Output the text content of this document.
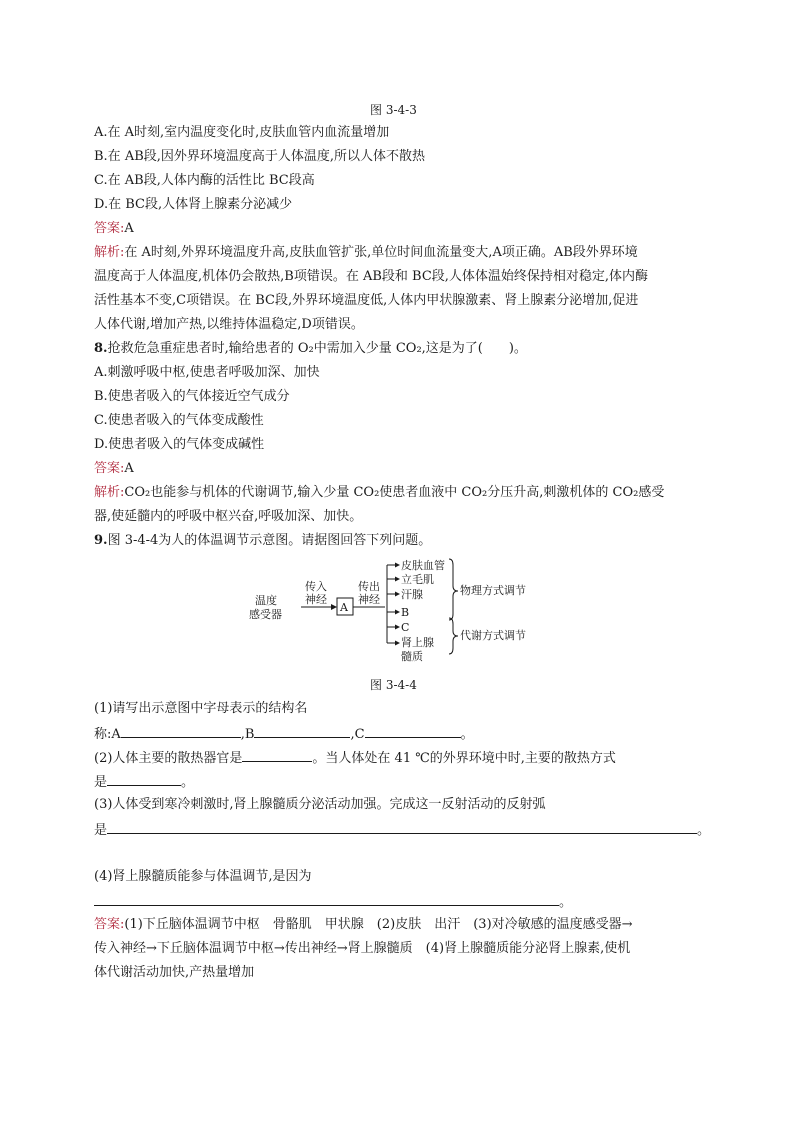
图 3-4-3
A.在 A时刻,室内温度变化时,皮肤血管内血流量增加
B.在 AB段,因外界环境温度高于人体温度,所以人体不散热
C.在 AB段,人体内酶的活性比 BC段高
D.在 BC段,人体肾上腺素分泌减少
答案:A
解析:在 A时刻,外界环境温度升高,皮肤血管扩张,单位时间血流量变大,A项正确。AB段外界环境
温度高于人体温度,机体仍会散热,B项错误。在 AB段和 BC段,人体体温始终保持相对稳定,体内酶
活性基本不变,C项错误。在 BC段,外界环境温度低,人体内甲状腺激素、肾上腺素分泌增加,促进
人体代谢,增加产热,以维持体温稳定,D项错误。
8.抢救危急重症患者时,输给患者的 O₂中需加入少量 CO₂,这是为了(　　)。
A.刺激呼吸中枢,使患者呼吸加深、加快
B.使患者吸入的气体接近空气成分
C.使患者吸入的气体变成酸性
D.使患者吸入的气体变成碱性
答案:A
解析:CO₂也能参与机体的代谢调节,输入少量 CO₂使患者血液中 CO₂分压升高,刺激机体的 CO₂感受
器,使延髓内的呼吸中枢兴奋,呼吸加深、加快。
9.图 3-4-4为人的体温调节示意图。请据图回答下列问题。
温度
感受器
传入
神经
A
传出
神经
皮肤血管
立毛肌
汗腺
B
C
肾上腺
髓质
物理方式调节
代谢方式调节
图 3-4-4
(1)请写出示意图中字母表示的结构名
称:A	,B	,C	。
(2)人体主要的散热器官是	。当人体处在 41 ℃的外界环境中时,主要的散热方式
是	。
(3)人体受到寒冷刺激时,肾上腺髓质分泌活动加强。完成这一反射活动的反射弧
是	。
(4)肾上腺髓质能参与体温调节,是因为
。
答案:(1)下丘脑体温调节中枢　骨骼肌　甲状腺　(2)皮肤　出汗　(3)对冷敏感的温度感受器→
传入神经→下丘脑体温调节中枢→传出神经→肾上腺髓质　(4)肾上腺髓质能分泌肾上腺素,使机
体代谢活动加快,产热量增加
